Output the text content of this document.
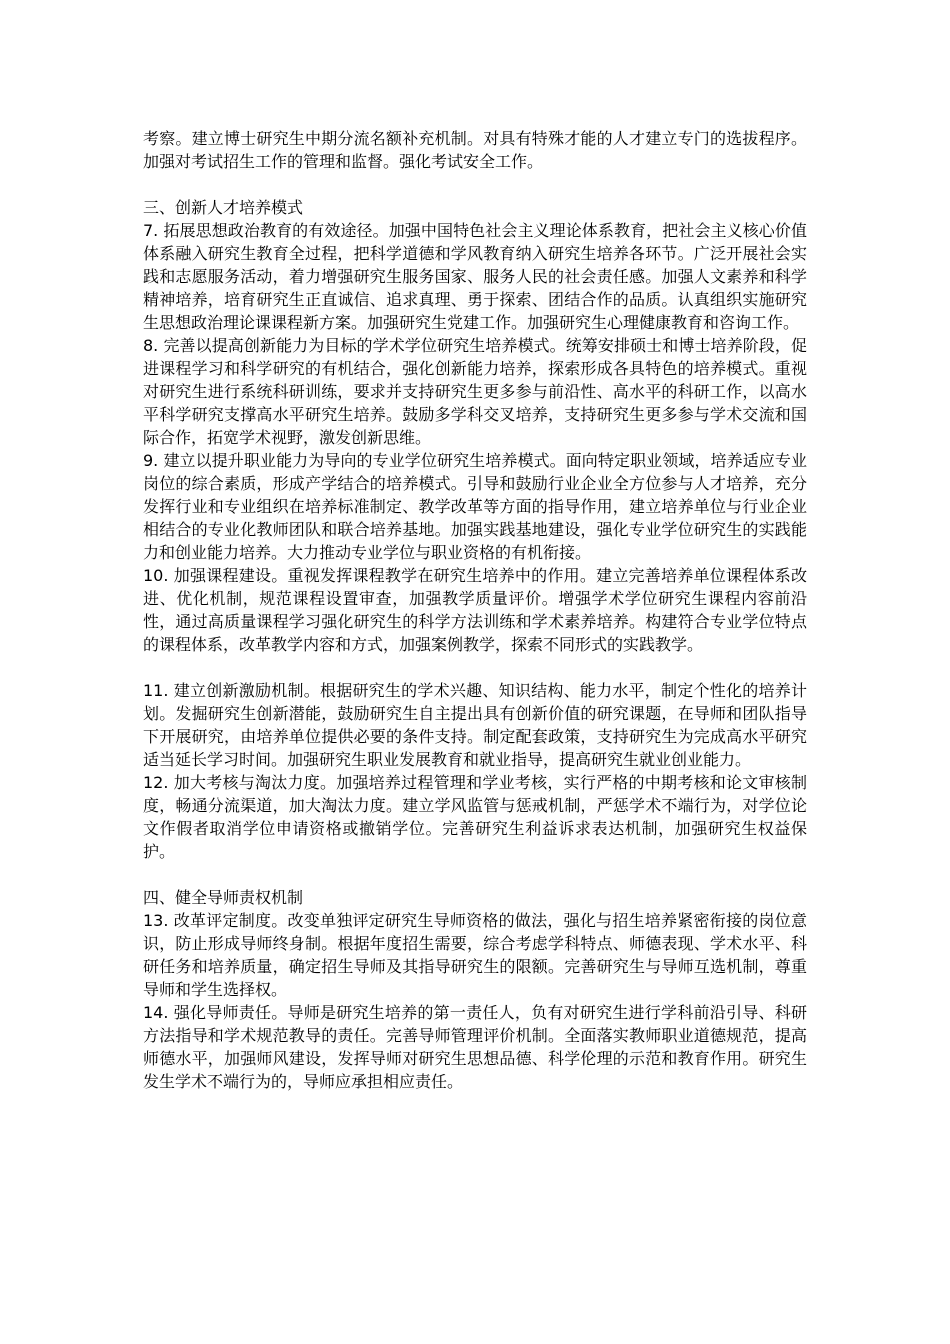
考察。建立博士研究生中期分流名额补充机制。对具有特殊才能的人才建立专门的选拔程序。加强对考试招生工作的管理和监督。强化考试安全工作。

三、创新人才培养模式

7. 拓展思想政治教育的有效途径。加强中国特色社会主义理论体系教育，把社会主义核心价值体系融入研究生教育全过程，把科学道德和学风教育纳入研究生培养各环节。广泛开展社会实践和志愿服务活动，着力增强研究生服务国家、服务人民的社会责任感。加强人文素养和科学精神培养，培育研究生正直诚信、追求真理、勇于探索、团结合作的品质。认真组织实施研究生思想政治理论课课程新方案。加强研究生党建工作。加强研究生心理健康教育和咨询工作。

8. 完善以提高创新能力为目标的学术学位研究生培养模式。统筹安排硕士和博士培养阶段，促进课程学习和科学研究的有机结合，强化创新能力培养，探索形成各具特色的培养模式。重视对研究生进行系统科研训练，要求并支持研究生更多参与前沿性、高水平的科研工作，以高水平科学研究支撑高水平研究生培养。鼓励多学科交叉培养，支持研究生更多参与学术交流和国际合作，拓宽学术视野，激发创新思维。

9. 建立以提升职业能力为导向的专业学位研究生培养模式。面向特定职业领域，培养适应专业岗位的综合素质，形成产学结合的培养模式。引导和鼓励行业企业全方位参与人才培养，充分发挥行业和专业组织在培养标准制定、教学改革等方面的指导作用，建立培养单位与行业企业相结合的专业化教师团队和联合培养基地。加强实践基地建设，强化专业学位研究生的实践能力和创业能力培养。大力推动专业学位与职业资格的有机衔接。

10. 加强课程建设。重视发挥课程教学在研究生培养中的作用。建立完善培养单位课程体系改进、优化机制，规范课程设置审查，加强教学质量评价。增强学术学位研究生课程内容前沿性，通过高质量课程学习强化研究生的科学方法训练和学术素养培养。构建符合专业学位特点的课程体系，改革教学内容和方式，加强案例教学，探索不同形式的实践教学。

11. 建立创新激励机制。根据研究生的学术兴趣、知识结构、能力水平，制定个性化的培养计划。发掘研究生创新潜能，鼓励研究生自主提出具有创新价值的研究课题，在导师和团队指导下开展研究，由培养单位提供必要的条件支持。制定配套政策，支持研究生为完成高水平研究适当延长学习时间。加强研究生职业发展教育和就业指导，提高研究生就业创业能力。

12. 加大考核与淘汰力度。加强培养过程管理和学业考核，实行严格的中期考核和论文审核制度，畅通分流渠道，加大淘汰力度。建立学风监管与惩戒机制，严惩学术不端行为，对学位论文作假者取消学位申请资格或撤销学位。完善研究生利益诉求表达机制，加强研究生权益保护。

四、健全导师责权机制

13. 改革评定制度。改变单独评定研究生导师资格的做法，强化与招生培养紧密衔接的岗位意识，防止形成导师终身制。根据年度招生需要，综合考虑学科特点、师德表现、学术水平、科研任务和培养质量，确定招生导师及其指导研究生的限额。完善研究生与导师互选机制，尊重导师和学生选择权。

14. 强化导师责任。导师是研究生培养的第一责任人，负有对研究生进行学科前沿引导、科研方法指导和学术规范教导的责任。完善导师管理评价机制。全面落实教师职业道德规范，提高师德水平，加强师风建设，发挥导师对研究生思想品德、科学伦理的示范和教育作用。研究生发生学术不端行为的，导师应承担相应责任。
